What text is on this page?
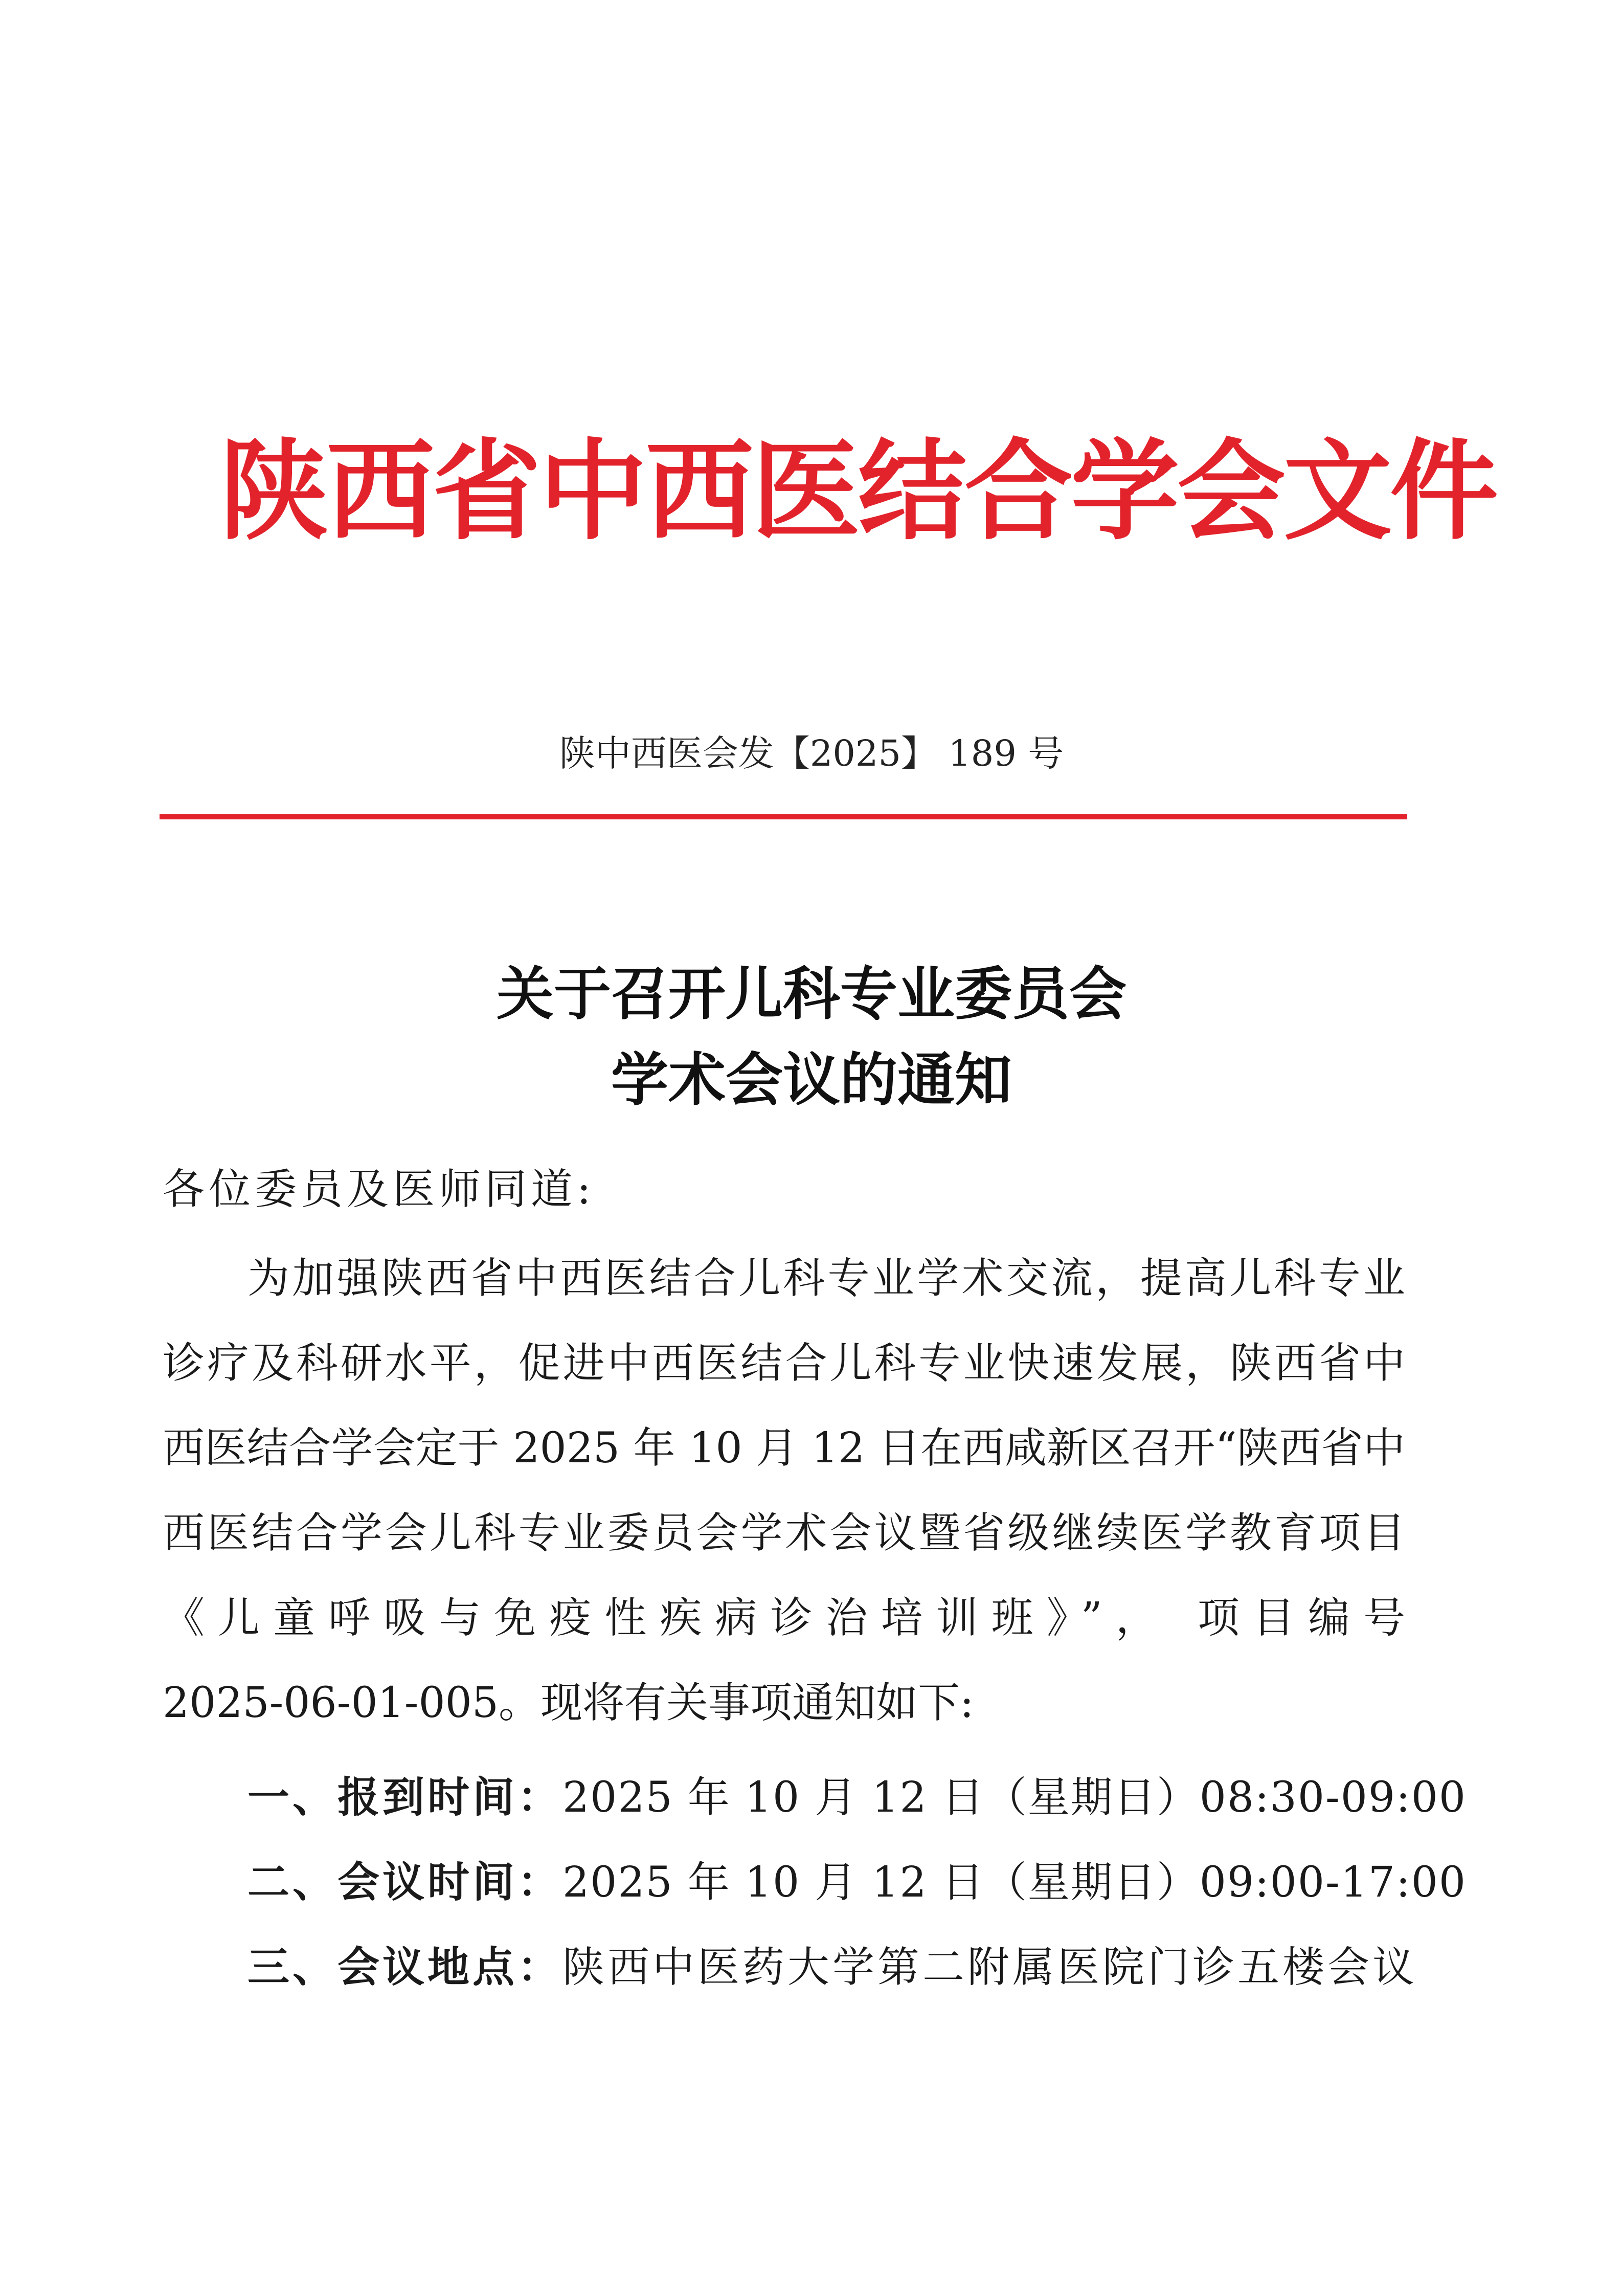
陕西省中西医结合学会文件
陕中西医会发【2025】 189 号
关于召开儿科专业委员会
学术会议的通知
各位委员及医师同道:
为加强陕西省中西医结合儿科专业学术交流，提高儿科专业
诊疗及科研水平，促进中西医结合儿科专业快速发展，陕西省中
西医结合学会定于 2025 年 10 月 12 日在西咸新区召开“陕西省中
西医结合学会儿科专业委员会学术会议暨省级继续医学教育项目
《儿童呼吸与免疫性疾病诊治培训班》”， 项目编号
2025-06-01-005。现将有关事项通知如下:
一、报到时间：2025 年 10 月 12 日（星期日）08:30-09:00
二、会议时间：2025 年 10 月 12 日（星期日）09:00-17:00
三、会议地点：陕西中医药大学第二附属医院门诊五楼会议
